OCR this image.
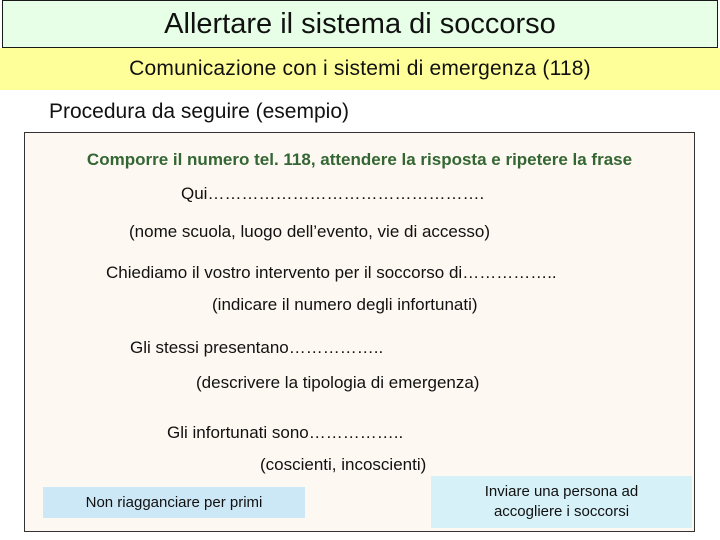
Allertare il sistema di soccorso
Comunicazione con i sistemi di emergenza (118)
Procedura da seguire (esempio)
Comporre il numero tel. 118, attendere la risposta e ripetere la frase
Qui………………………………………….
(nome scuola, luogo dell’evento, vie di accesso)
Chiediamo il vostro intervento per il soccorso di……………..
(indicare il numero degli infortunati)
Gli stessi presentano……………..
(descrivere la tipologia di emergenza)
Gli infortunati sono……………..
(coscienti, incoscienti)
Non riagganciare per primi
Inviare una persona ad
accogliere i soccorsi
